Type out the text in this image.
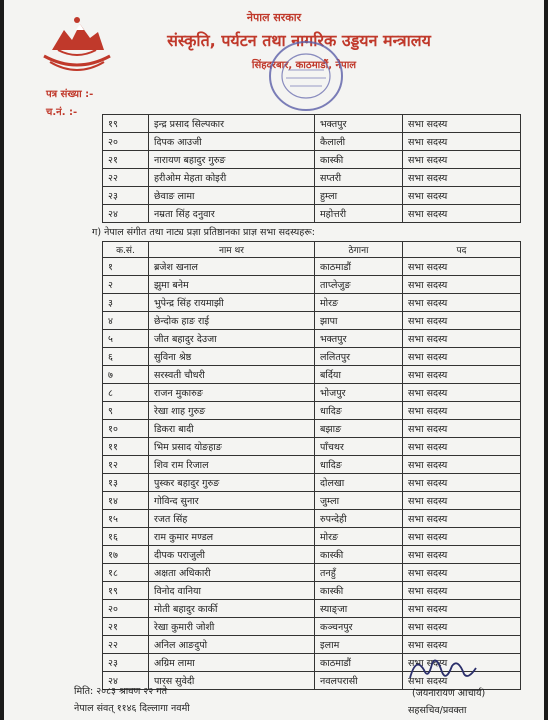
नेपाल सरकार
संस्कृति, पर्यटन तथा नागरिक उड्डयन मन्त्रालय
सिंहदरबार, काठमाडौं, नेपाल
पत्र संख्या :-
च.नं. :-
१९	इन्द्र प्रसाद सिल्पकार	भक्तपुर	सभा सदस्य
२०	दिपक आउजी	कैलाली	सभा सदस्य
२१	नारायण बहादुर गुरुङ	कास्की	सभा सदस्य
२२	हरीओम मेहता कोइरी	सप्तरी	सभा सदस्य
२३	छेवाङ लामा	हुम्ला	सभा सदस्य
२४	नम्रता सिंह दनुवार	महोत्तरी	सभा सदस्य
ग) नेपाल संगीत तथा नाट्य प्रज्ञा प्रतिष्ठानका प्राज्ञ सभा सदस्यहरू:
क.सं.	नाम थर	ठेगाना	पद
१	ब्रजेश खनाल	काठमाडौं	सभा सदस्य
२	झुमा बनेम	ताप्लेजुङ	सभा सदस्य
३	भुपेन्द्र सिंह रायमाझी	मोरङ	सभा सदस्य
४	छेन्दोक हाङ राई	झापा	सभा सदस्य
५	जीत बहादुर देउजा	भक्तपुर	सभा सदस्य
६	सुविना श्रेष्ठ	ललितपुर	सभा सदस्य
७	सरस्वती चौधरी	बर्दिया	सभा सदस्य
८	राजन मुकारुङ	भोजपुर	सभा सदस्य
९	रेखा शाह गुरुङ	धादिङ	सभा सदस्य
१०	डिकरा बादी	बझाङ	सभा सदस्य
११	भिम प्रसाद योङहाङ	पाँचथर	सभा सदस्य
१२	शिव राम रिजाल	धादिङ	सभा सदस्य
१३	पुस्कर बहादुर गुरुङ	दोलखा	सभा सदस्य
१४	गोविन्द सुनार	जुम्ला	सभा सदस्य
१५	रजत सिंह	रुपन्देही	सभा सदस्य
१६	राम कुमार मण्डल	मोरङ	सभा सदस्य
१७	दीपक पराजुली	कास्की	सभा सदस्य
१८	अक्षता अधिकारी	तनहुँ	सभा सदस्य
१९	विनोद वानिया	कास्की	सभा सदस्य
२०	मोती बहादुर कार्की	स्याङ्जा	सभा सदस्य
२१	रेखा कुमारी जोशी	कञ्चनपुर	सभा सदस्य
२२	अनिल आङदुपो	इलाम	सभा सदस्य
२३	अग्रिम लामा	काठमाडौं	सभा सदस्य
२४	पारस सुवेदी	नवलपरासी	सभा सदस्य
मिति: २०८३ श्रावण २२ गते
नेपाल संवत् ११४६ दिल्लागा नवमी
(जयनारायण आचार्य)
सहसचिव/प्रवक्ता
